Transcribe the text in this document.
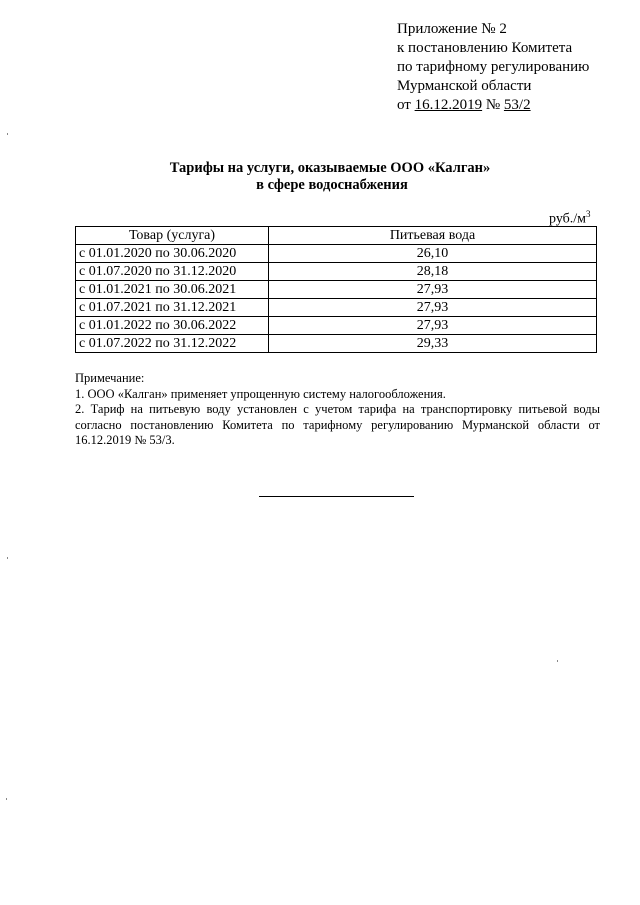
Приложение № 2
к постановлению Комитета
по тарифному регулированию
Мурманской области
от 16.12.2019 № 53/2
Тарифы на услуги, оказываемые ООО «Калган»
в сфере водоснабжения
$руб./м^3$
Товар (услуга)	Питьевая вода
с 01.01.2020 по 30.06.2020	26,10
с 01.07.2020 по 31.12.2020	28,18
с 01.01.2021 по 30.06.2021	27,93
с 01.07.2021 по 31.12.2021	27,93
с 01.01.2022 по 30.06.2022	27,93
с 01.07.2022 по 31.12.2022	29,33
Примечание:
1. ООО «Калган» применяет упрощенную систему налогообложения.
2. Тариф на питьевую воду установлен с учетом тарифа на транспортировку питьевой воды согласно постановлению Комитета по тарифному регулированию Мурманской области от 16.12.2019 № 53/3.
